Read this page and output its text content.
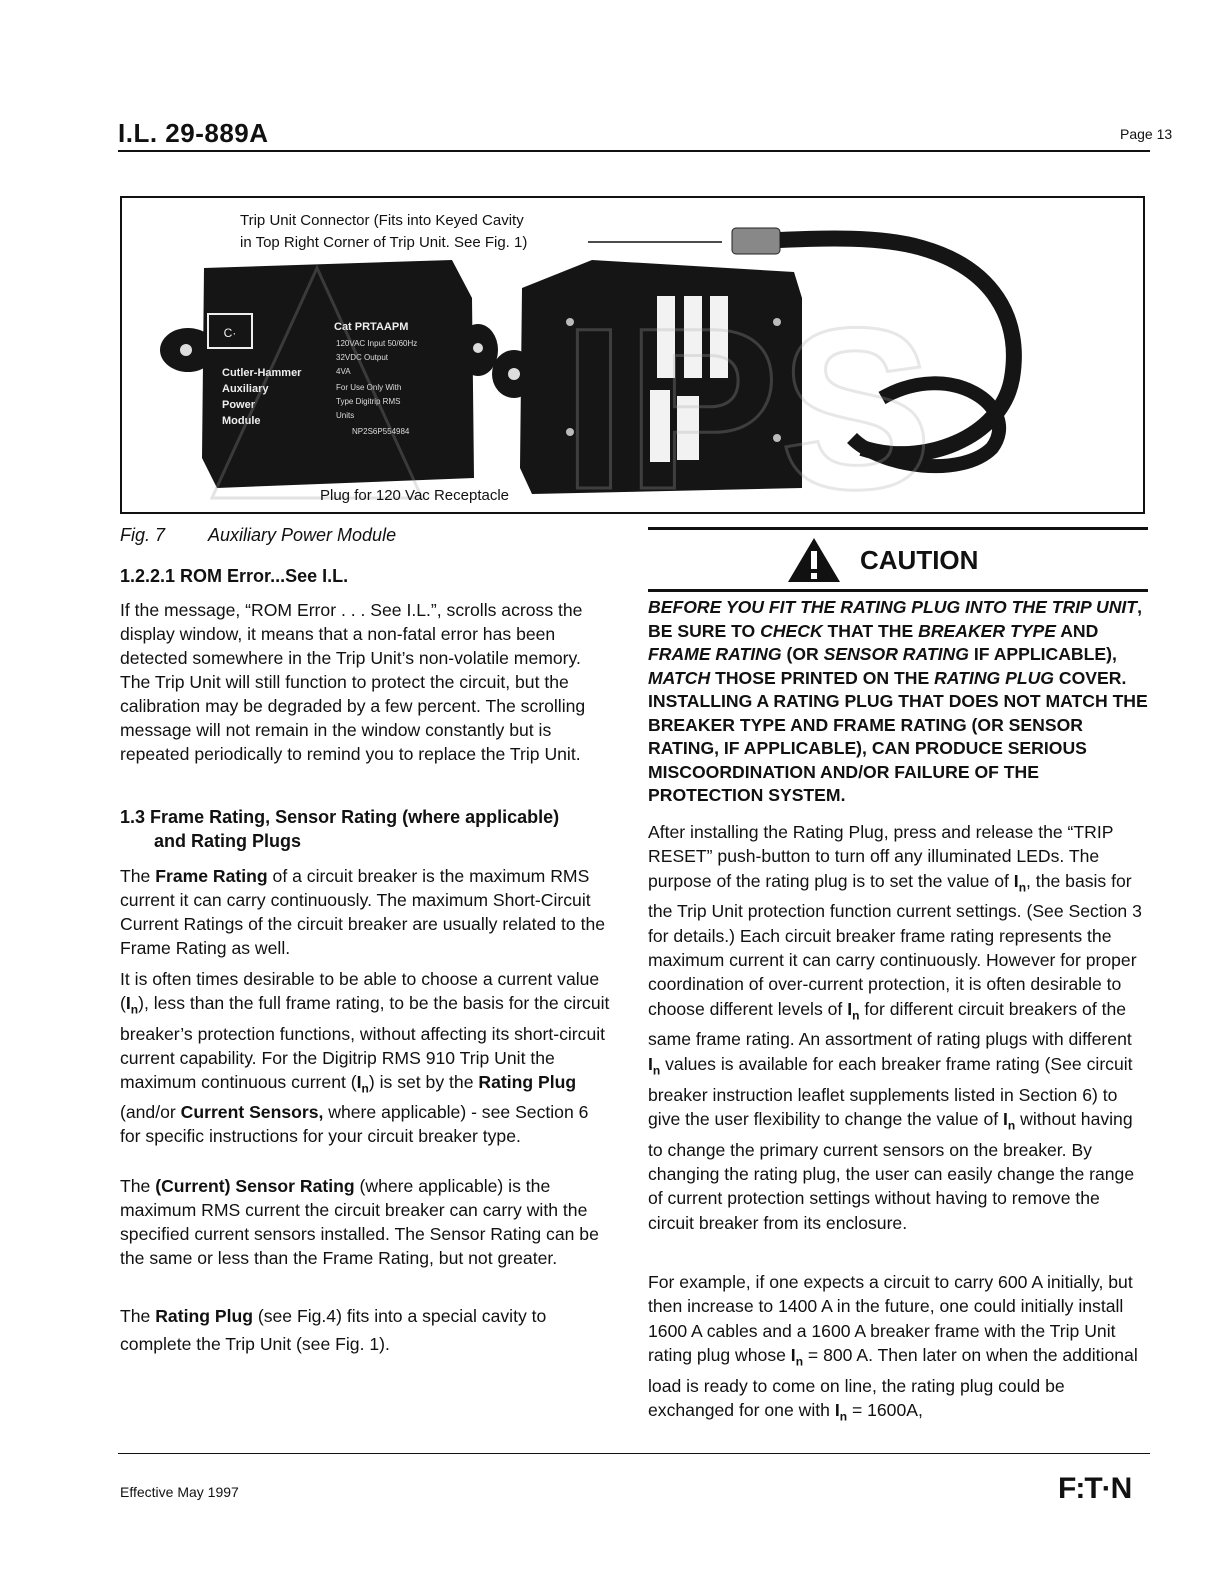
I.L. 29-889A	Page 13
Trip Unit Connector (Fits into Keyed Cavity
in Top Right Corner of Trip Unit. See Fig. 1)
C·
Cutler-Hammer
Auxiliary
Power
Module
Cat PRTAAPM
120VAC Input 50/60Hz
32VDC Output
4VA
For Use Only With
Type Digitrip RMS
Units
NP2S6P554984 IPS
Plug for 120 Vac Receptacle
Fig. 7 Auxiliary Power Module
1.2.2.1 ROM Error...See I.L.

If the message, “ROM Error . . . See I.L.”, scrolls across the display window, it means that a non-fatal error has been detected somewhere in the Trip Unit’s non-volatile memory. The Trip Unit will still function to protect the circuit, but the calibration may be degraded by a few percent. The scrolling message will not remain in the window constantly but is repeated periodically to remind you to replace the Trip Unit.

1.3 Frame Rating, Sensor Rating (where applicable)
and Rating Plugs

The Frame Rating of a circuit breaker is the maximum RMS current it can carry continuously. The maximum Short-Circuit Current Ratings of the circuit breaker are usually related to the Frame Rating as well.

It is often times desirable to be able to choose a current value $(I_n)$, less than the full frame rating, to be the basis for the circuit breaker’s protection functions, without affecting its short-circuit current capability. For the Digitrip RMS 910 Trip Unit the maximum continuous current $(I_n)$ is set by the Rating Plug (and/or Current Sensors, where applicable) - see Section 6 for specific instructions for your circuit breaker type.

The (Current) Sensor Rating (where applicable) is the maximum RMS current the circuit breaker can carry with the specified current sensors installed. The Sensor Rating can be the same or less than the Frame Rating, but not greater.

The Rating Plug (see Fig.4) fits into a special cavity to complete the Trip Unit (see Fig. 1).

CAUTION

BEFORE YOU FIT THE RATING PLUG INTO THE TRIP UNIT, BE SURE TO CHECK THAT THE BREAKER TYPE AND FRAME RATING (OR SENSOR RATING IF APPLICABLE), MATCH THOSE PRINTED ON THE RATING PLUG COVER. INSTALLING A RATING PLUG THAT DOES NOT MATCH THE BREAKER TYPE AND FRAME RATING (OR SENSOR RATING, IF APPLICABLE), CAN PRODUCE SERIOUS MISCOORDINATION AND/OR FAILURE OF THE PROTECTION SYSTEM.

After installing the Rating Plug, press and release the “TRIP RESET” push-button to turn off any illuminated LEDs. The purpose of the rating plug is to set the value of $I_n$, the basis for the Trip Unit protection function current settings. (See Section 3 for details.) Each circuit breaker frame rating represents the maximum current it can carry continuously. However for proper coordination of over-current protection, it is often desirable to choose different levels of $I_n$ for different circuit breakers of the same frame rating. An assortment of rating plugs with different $I_n$ values is available for each breaker frame rating (See circuit breaker instruction leaflet supplements listed in Section 6) to give the user flexibility to change the value of $I_n$ without having to change the primary current sensors on the breaker. By changing the rating plug, the user can easily change the range of current protection settings without having to remove the circuit breaker from its enclosure.

For example, if one expects a circuit to carry 600 A initially, but then increase to 1400 A in the future, one could initially install 1600 A cables and a 1600 A breaker frame with the Trip Unit rating plug whose $I_n = 800$ A. Then later on when the additional load is ready to come on line, the rating plug could be exchanged for one with $I_n = 1600A$,

Effective May 1997	F:T·N
